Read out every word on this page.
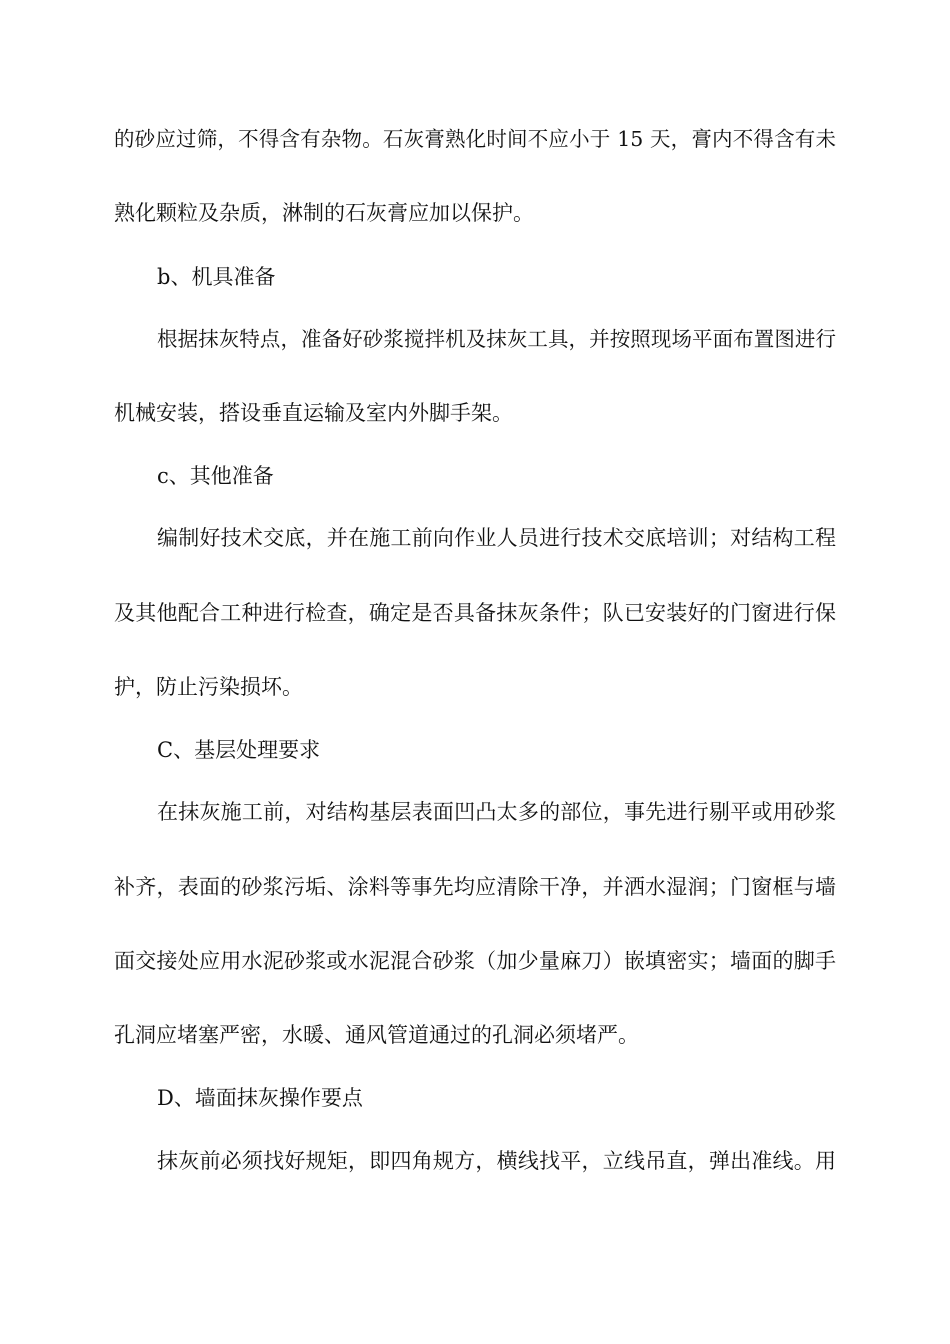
的砂应过筛，不得含有杂物。石灰膏熟化时间不应小于 15 天，膏内不得含有未
熟化颗粒及杂质，淋制的石灰膏应加以保护。
b、机具准备
根据抹灰特点，准备好砂浆搅拌机及抹灰工具，并按照现场平面布置图进行
机械安装，搭设垂直运输及室内外脚手架。
c、其他准备
编制好技术交底，并在施工前向作业人员进行技术交底培训；对结构工程
及其他配合工种进行检查，确定是否具备抹灰条件；队已安装好的门窗进行保
护，防止污染损坏。
C、基层处理要求
在抹灰施工前，对结构基层表面凹凸太多的部位，事先进行剔平或用砂浆
补齐，表面的砂浆污垢、涂料等事先均应清除干净，并洒水湿润；门窗框与墙
面交接处应用水泥砂浆或水泥混合砂浆（加少量麻刀）嵌填密实；墙面的脚手
孔洞应堵塞严密，水暖、通风管道通过的孔洞必须堵严。
D、墙面抹灰操作要点
抹灰前必须找好规矩，即四角规方，横线找平，立线吊直，弹出准线。用
